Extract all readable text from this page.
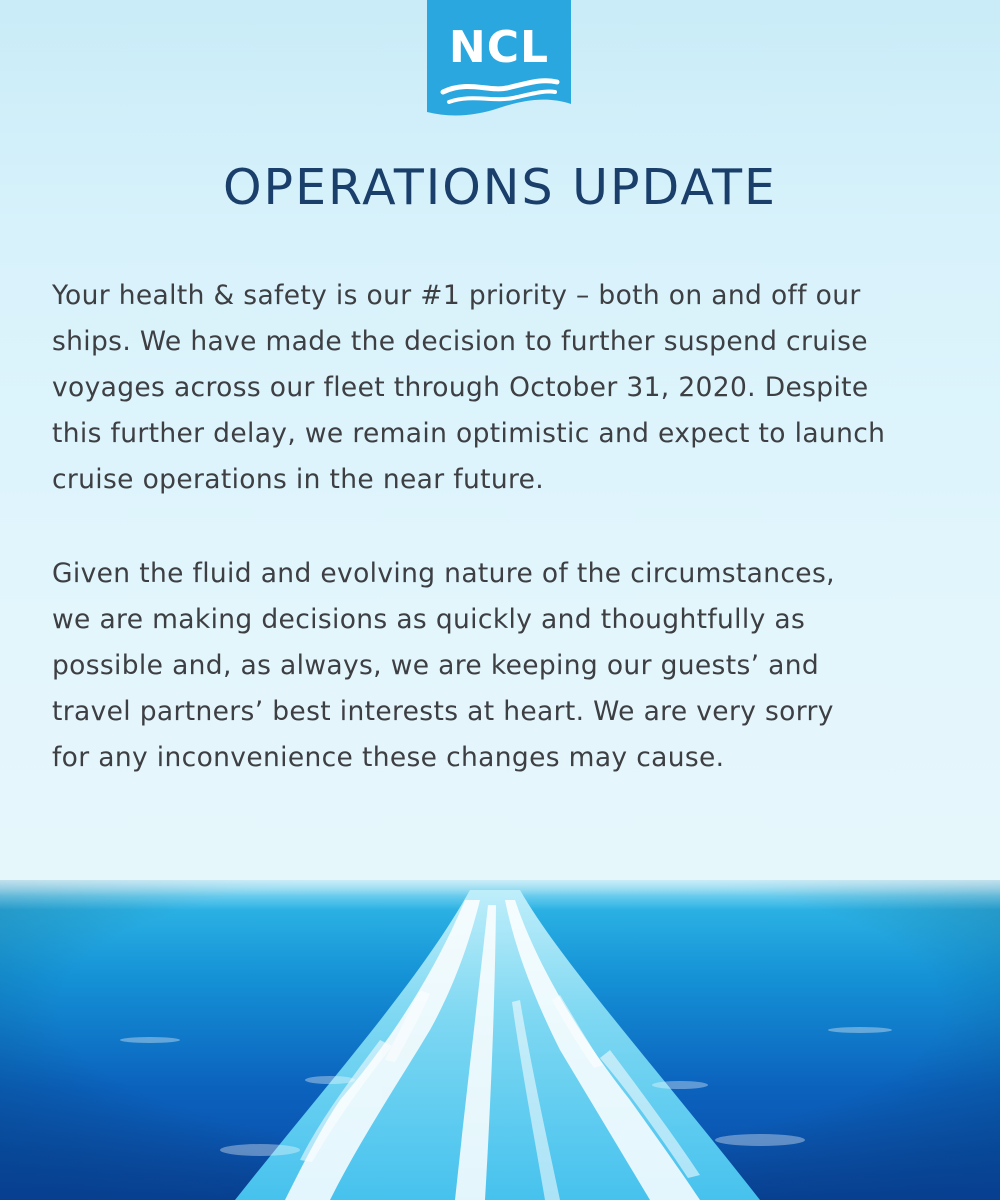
NCL
OPERATIONS UPDATE

Your health & safety is our #1 priority – both on and off our
ships. We have made the decision to further suspend cruise
voyages across our fleet through October 31, 2020. Despite
this further delay, we remain optimistic and expect to launch
cruise operations in the near future.

Given the fluid and evolving nature of the circumstances,
we are making decisions as quickly and thoughtfully as
possible and, as always, we are keeping our guests’ and
travel partners’ best interests at heart. We are very sorry
for any inconvenience these changes may cause.
